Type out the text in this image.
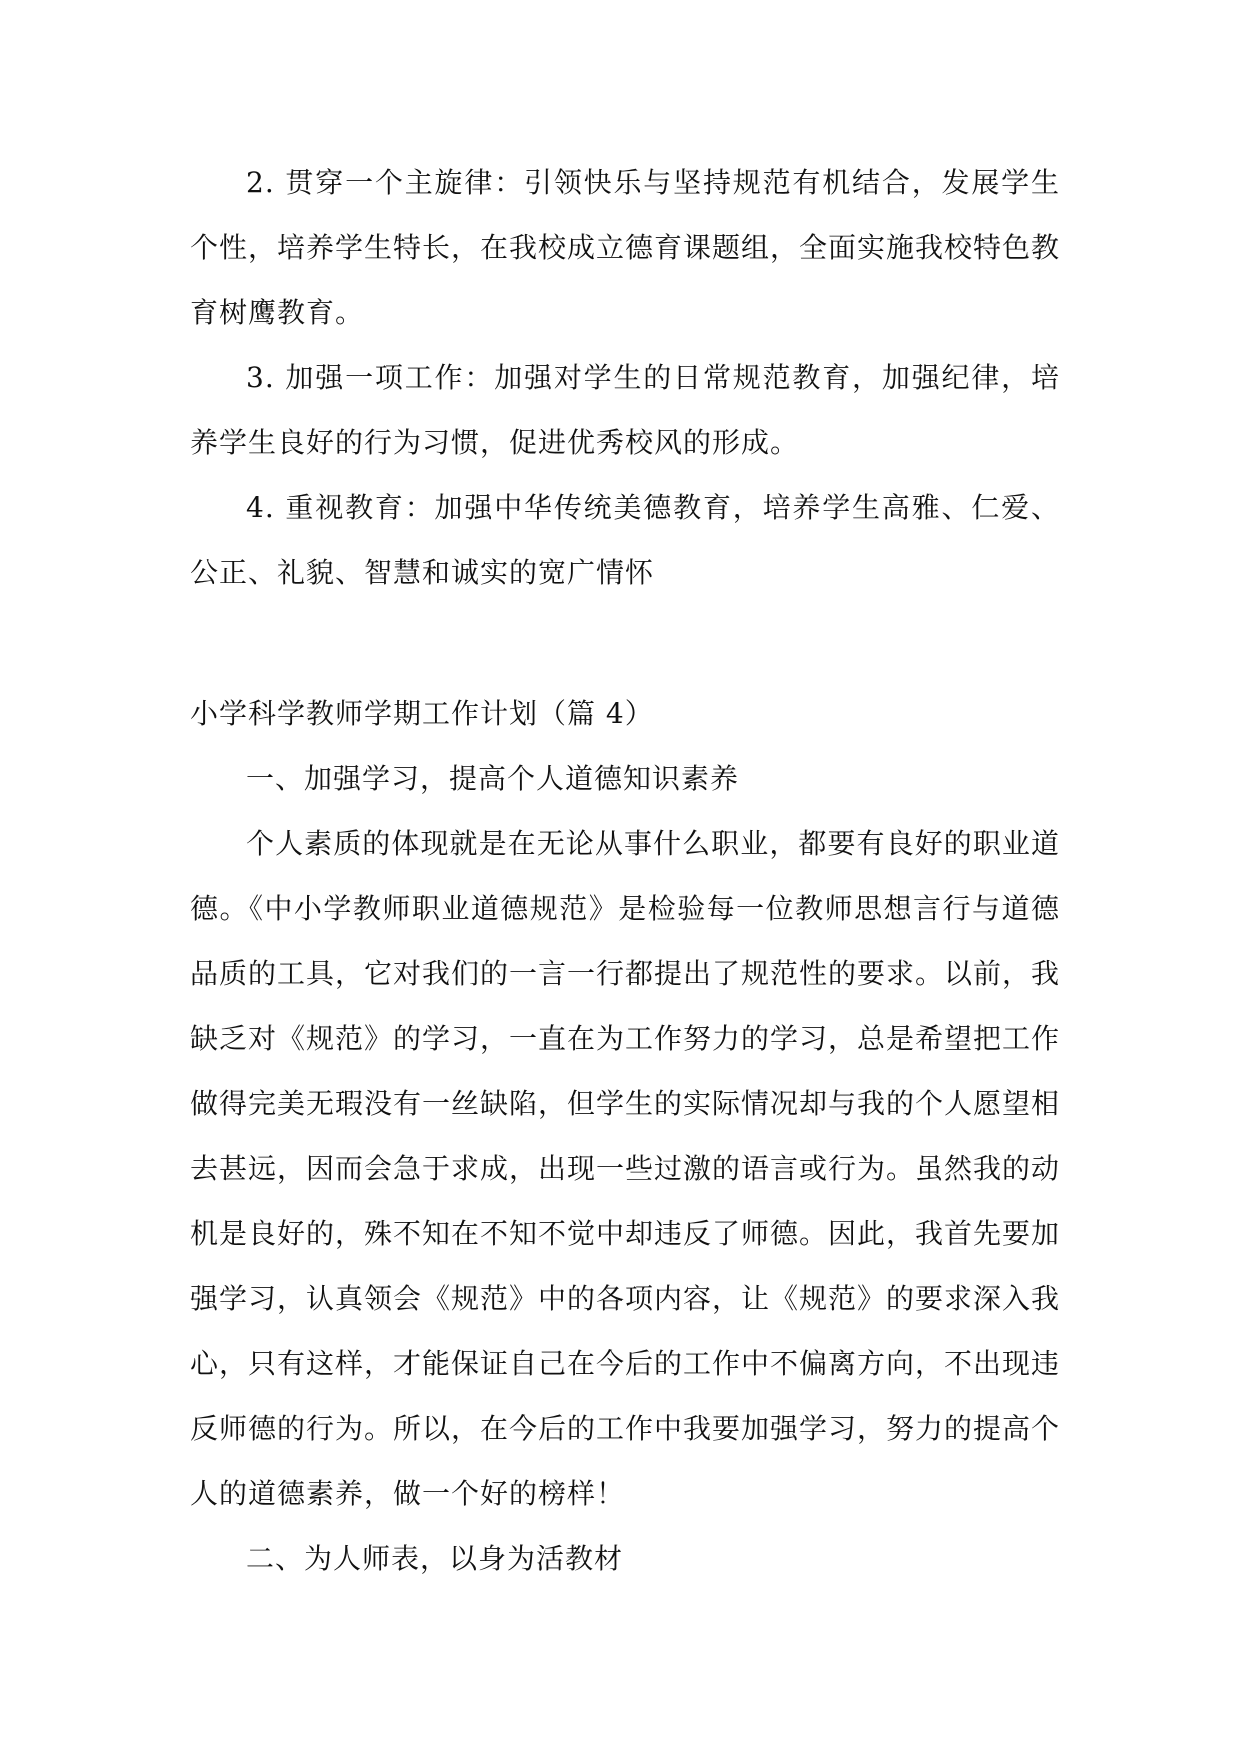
2. 贯穿一个主旋律：引领快乐与坚持规范有机结合，发展学生个性，培养学生特长，在我校成立德育课题组，全面实施我校特色教育树鹰教育。

3. 加强一项工作：加强对学生的日常规范教育，加强纪律，培养学生良好的行为习惯，促进优秀校风的形成。

4. 重视教育：加强中华传统美德教育，培养学生高雅、仁爱、公正、礼貌、智慧和诚实的宽广情怀

小学科学教师学期工作计划（篇 4）

一、加强学习，提高个人道德知识素养

个人素质的体现就是在无论从事什么职业，都要有良好的职业道德。《中小学教师职业道德规范》是检验每一位教师思想言行与道德品质的工具，它对我们的一言一行都提出了规范性的要求。以前，我缺乏对《规范》的学习，一直在为工作努力的学习，总是希望把工作做得完美无瑕没有一丝缺陷，但学生的实际情况却与我的个人愿望相去甚远，因而会急于求成，出现一些过激的语言或行为。虽然我的动机是良好的，殊不知在不知不觉中却违反了师德。因此，我首先要加强学习，认真领会《规范》中的各项内容，让《规范》的要求深入我心，只有这样，才能保证自己在今后的工作中不偏离方向，不出现违反师德的行为。所以，在今后的工作中我要加强学习，努力的提高个人的道德素养，做一个好的榜样！

二、为人师表，以身为活教材
